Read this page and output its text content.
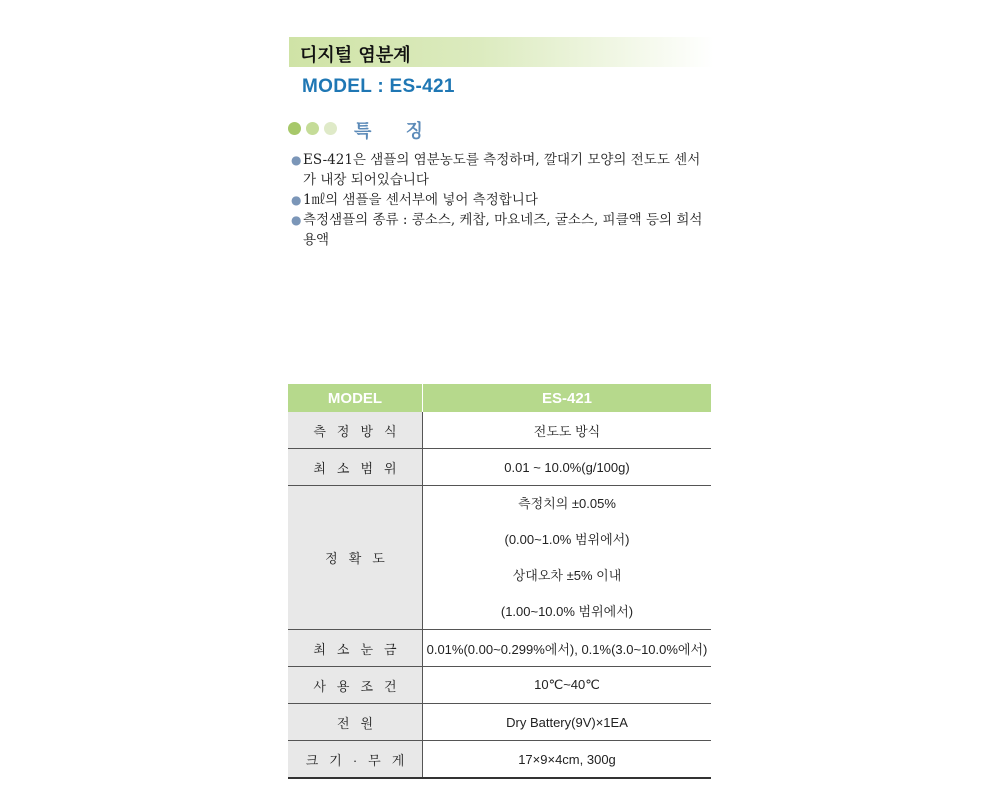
디지털 염분계
MODEL : ES-421
특 징
● ES-421은 샘플의 염분농도를 측정하며, 깔대기 모양의 전도도 센서가 내장 되어있습니다
● 1㎖의 샘플을 센서부에 넣어 측정합니다
● 측정샘플의 종류 : 콩소스, 케찹, 마요네즈, 굴소스, 피클액 등의 희석용액
MODEL	ES-421
측정방식	전도도 방식
최소범위	0.01 ~ 10.0%(g/100g)
정확도	측정치의 ±0.05%
(0.00~1.0% 범위에서)
상대오차 ±5% 이내
(1.00~10.0% 범위에서)

최소눈금	0.01%(0.00~0.299%에서), 0.1%(3.0~10.0%에서)
사용조건	10℃~40℃
전원	Dry Battery(9V)×1EA
크기·무게	17×9×4cm, 300g
